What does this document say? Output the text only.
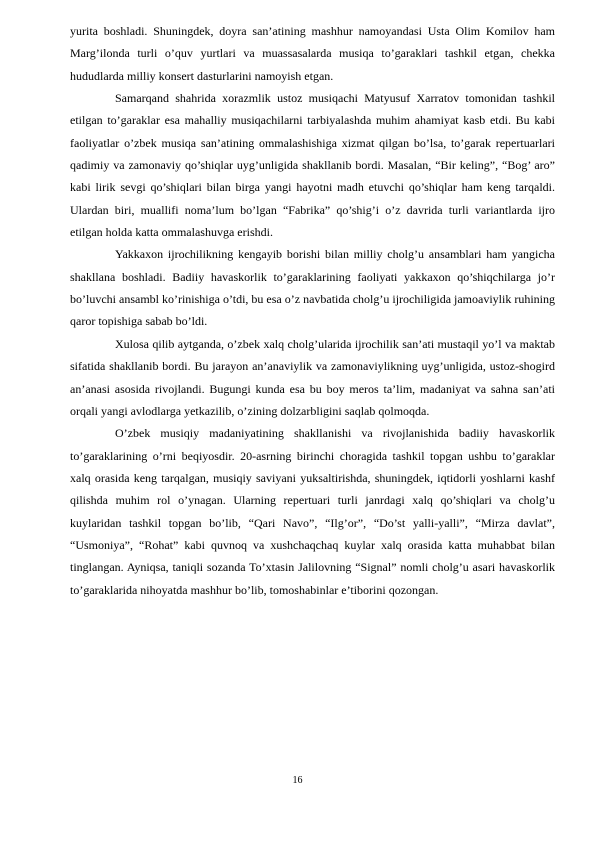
yurita boshladi. Shuningdek, doyra san’atining mashhur namoyandasi Usta Olim Komilov ham Marg’ilonda turli o’quv yurtlari va muassasalarda musiqa to’garaklari tashkil etgan, chekka hududlarda milliy konsert dasturlarini namoyish etgan.

Samarqand shahrida xorazmlik ustoz musiqachi Matyusuf Xarratov tomonidan tashkil etilgan to’garaklar esa mahalliy musiqachilarni tarbiyalashda muhim ahamiyat kasb etdi. Bu kabi faoliyatlar o’zbek musiqa san’atining ommalashishiga xizmat qilgan bo’lsa, to’garak repertuarlari qadimiy va zamonaviy qo’shiqlar uyg’unligida shakllanib bordi. Masalan, “Bir keling”, “Bog’ aro” kabi lirik sevgi qo’shiqlari bilan birga yangi hayotni madh etuvchi qo’shiqlar ham keng tarqaldi. Ulardan biri, muallifi noma’lum bo’lgan “Fabrika” qo’shig’i o’z davrida turli variantlarda ijro etilgan holda katta ommalashuvga erishdi.

Yakkaxon ijrochilikning kengayib borishi bilan milliy cholg’u ansamblari ham yangicha shakllana boshladi. Badiiy havaskorlik to’garaklarining faoliyati yakkaxon qo’shiqchilarga jo’r bo’luvchi ansambl ko’rinishiga o’tdi, bu esa o’z navbatida cholg’u ijrochiligida jamoaviylik ruhining qaror topishiga sabab bo’ldi.

Xulosa qilib aytganda, o’zbek xalq cholg’ularida ijrochilik san’ati mustaqil yo’l va maktab sifatida shakllanib bordi. Bu jarayon an’anaviylik va zamonaviylikning uyg’unligida, ustoz-shogird an’anasi asosida rivojlandi. Bugungi kunda esa bu boy meros ta’lim, madaniyat va sahna san’ati orqali yangi avlodlarga yetkazilib, o’zining dolzarbligini saqlab qolmoqda.

O’zbek musiqiy madaniyatining shakllanishi va rivojlanishida badiiy havaskorlik to’garaklarining o’rni beqiyosdir. 20-asrning birinchi choragida tashkil topgan ushbu to’garaklar xalq orasida keng tarqalgan, musiqiy saviyani yuksaltirishda, shuningdek, iqtidorli yoshlarni kashf qilishda muhim rol o’ynagan. Ularning repertuari turli janrdagi xalq qo’shiqlari va cholg’u kuylaridan tashkil topgan bo’lib, “Qari Navo”, “Ilg’or”, “Do’st yalli-yalli”, “Mirza davlat”, “Usmoniya”, “Rohat” kabi quvnoq va xushchaqchaq kuylar xalq orasida katta muhabbat bilan tinglangan. Ayniqsa, taniqli sozanda To’xtasin Jalilovning “Signal” nomli cholg’u asari havaskorlik to’garaklarida nihoyatda mashhur bo’lib, tomoshabinlar e’tiborini qozongan.

16
